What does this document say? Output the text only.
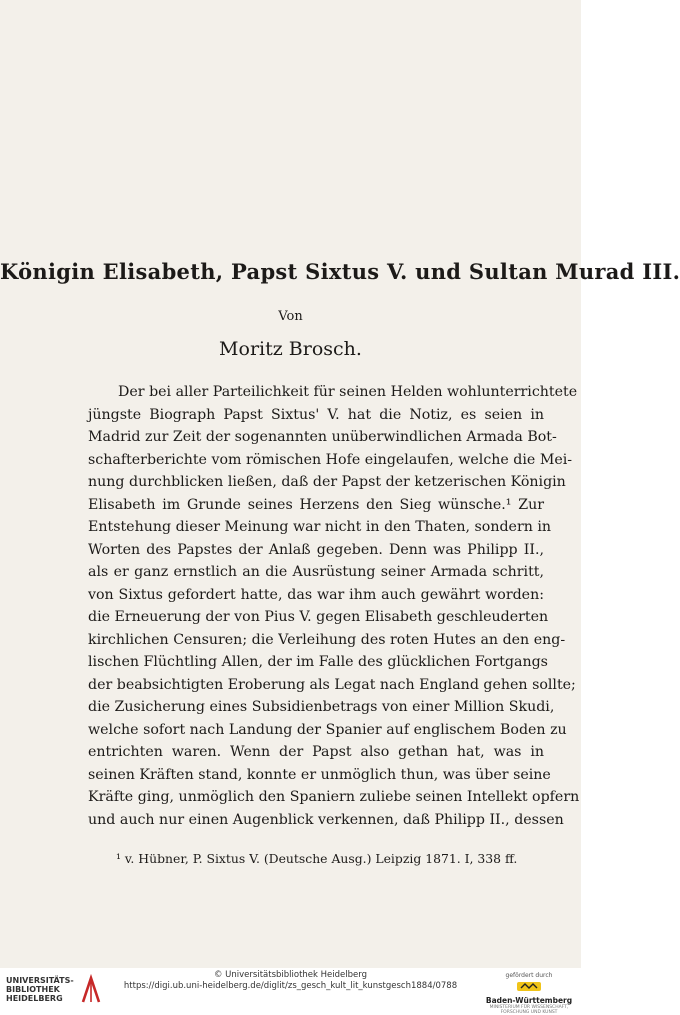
Königin Elisabeth, Papst Sixtus V. und Sultan Murad III.
Von
Moritz Brosch.
Der bei aller Parteilichkeit für seinen Helden wohlunterrichtete
jüngste Biograph Papst Sixtus' V. hat die Notiz, es seien in
Madrid zur Zeit der sogenannten unüberwindlichen Armada Bot-
schafterberichte vom römischen Hofe eingelaufen, welche die Mei-
nung durchblicken ließen, daß der Papst der ketzerischen Königin
Elisabeth im Grunde seines Herzens den Sieg wünsche.¹ Zur
Entstehung dieser Meinung war nicht in den Thaten, sondern in
Worten des Papstes der Anlaß gegeben. Denn was Philipp II.,
als er ganz ernstlich an die Ausrüstung seiner Armada schritt,
von Sixtus gefordert hatte, das war ihm auch gewährt worden:
die Erneuerung der von Pius V. gegen Elisabeth geschleuderten
kirchlichen Censuren; die Verleihung des roten Hutes an den eng-
lischen Flüchtling Allen, der im Falle des glücklichen Fortgangs
der beabsichtigten Eroberung als Legat nach England gehen sollte;
die Zusicherung eines Subsidienbetrags von einer Million Skudi,
welche sofort nach Landung der Spanier auf englischem Boden zu
entrichten waren. Wenn der Papst also gethan hat, was in
seinen Kräften stand, konnte er unmöglich thun, was über seine
Kräfte ging, unmöglich den Spaniern zuliebe seinen Intellekt opfern
und auch nur einen Augenblick verkennen, daß Philipp II., dessen
¹ v. Hübner, P. Sixtus V. (Deutsche Ausg.) Leipzig 1871. I, 338 ff.
UNIVERSITÄTS-
BIBLIOTHEK
HEIDELBERG
© Universitätsbibliothek Heidelberg
https://digi.ub.uni-heidelberg.de/diglit/zs_gesch_kult_lit_kunstgesch1884/0788
gefördert durch
Baden-Württemberg
MINISTERIUM FÜR WISSENSCHAFT, FORSCHUNG UND KUNST
